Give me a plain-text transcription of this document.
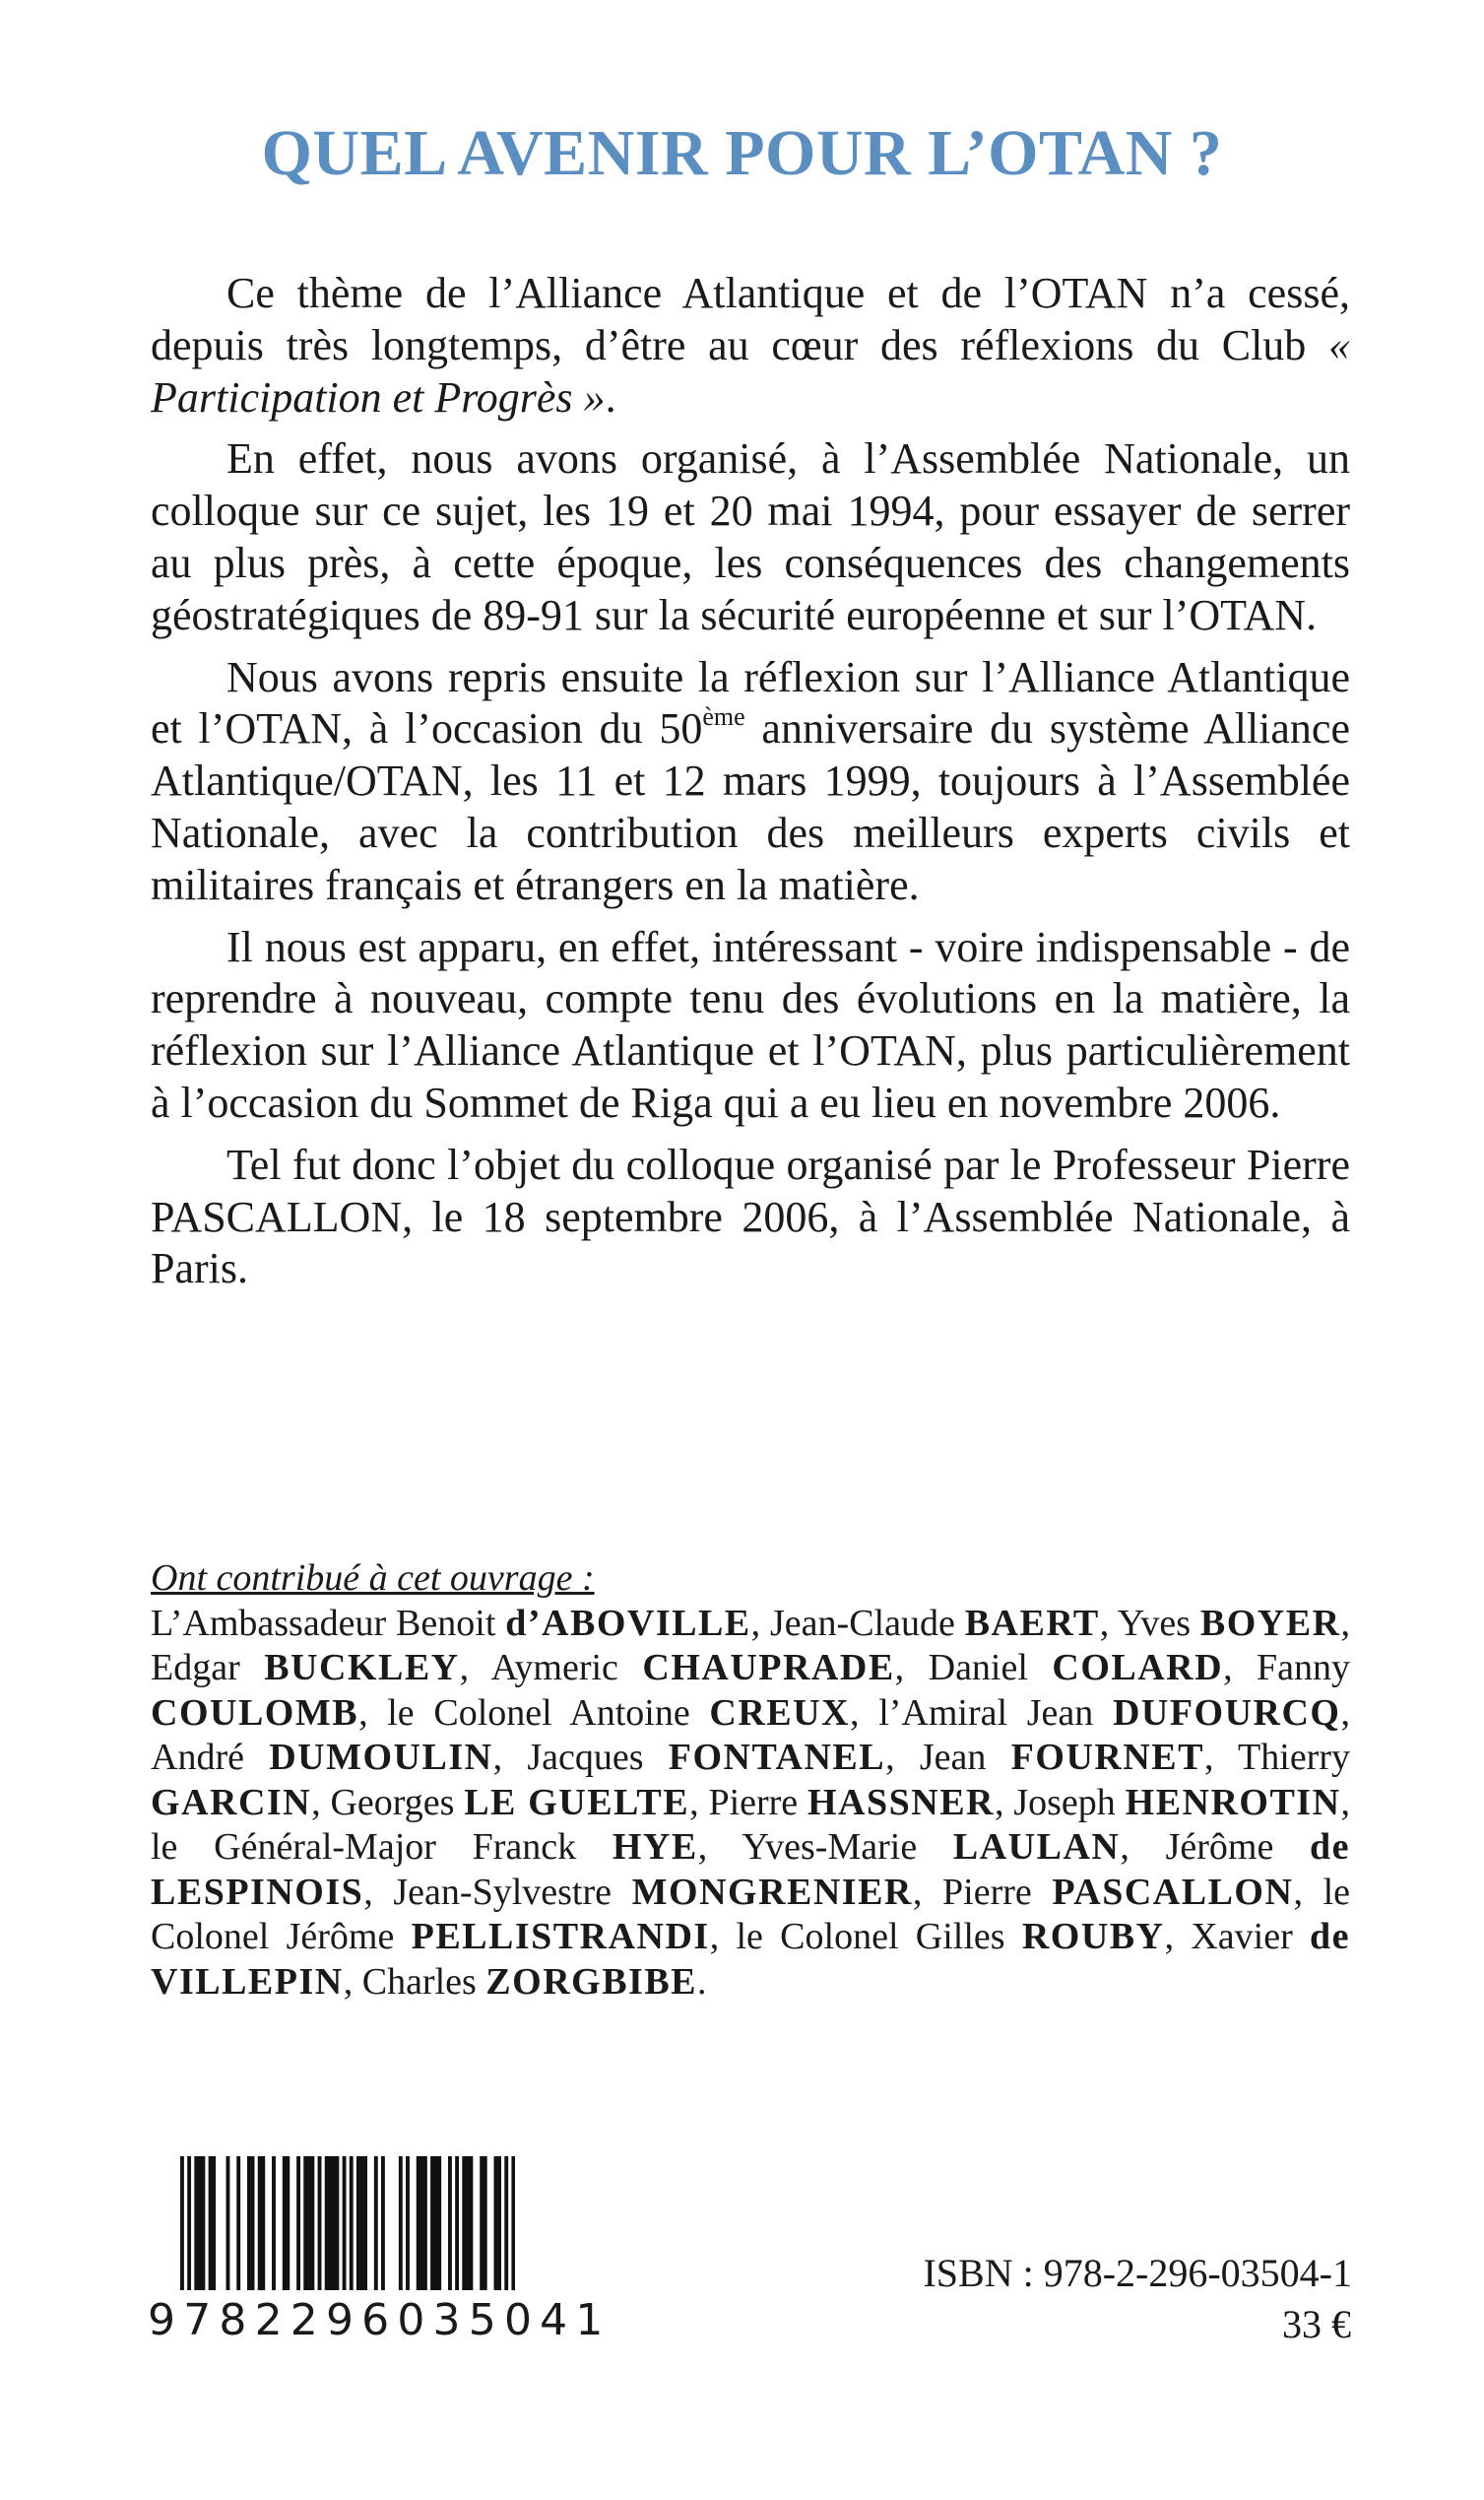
QUEL AVENIR POUR L’OTAN ?

Ce thème de l’Alliance Atlantique et de l’OTAN n’a cessé, depuis très longtemps, d’être au cœur des réflexions du Club « Participation et Progrès ».

En effet, nous avons organisé, à l’Assemblée Nationale, un colloque sur ce sujet, les 19 et 20 mai 1994, pour essayer de serrer au plus près, à cette époque, les conséquences des changements géostratégiques de 89-91 sur la sécurité européenne et sur l’OTAN.

Nous avons repris ensuite la réflexion sur l’Alliance Atlantique et l’OTAN, à l’occasion du 50ème anniversaire du système Alliance Atlantique/OTAN, les 11 et 12 mars 1999, toujours à l’Assemblée Nationale, avec la contribution des meilleurs experts civils et militaires français et étrangers en la matière.

Il nous est apparu, en effet, intéressant - voire indispensable - de reprendre à nouveau, compte tenu des évolutions en la matière, la réflexion sur l’Alliance Atlantique et l’OTAN, plus particulièrement à l’occasion du Sommet de Riga qui a eu lieu en novembre 2006.

Tel fut donc l’objet du colloque organisé par le Professeur Pierre PASCALLON, le 18 septembre 2006, à l’Assemblée Nationale, à Paris.

Ont contribué à cet ouvrage :

L’Ambassadeur Benoit d’ABOVILLE, Jean-Claude BAERT, Yves BOYER, Edgar BUCKLEY, Aymeric CHAUPRADE, Daniel COLARD, Fanny COULOMB, le Colonel Antoine CREUX, l’Amiral Jean DUFOURCQ, André DUMOULIN, Jacques FONTANEL, Jean FOURNET, Thierry GARCIN, Georges LE GUELTE, Pierre HASSNER, Joseph HENROTIN, le Général-Major Franck HYE, Yves-Marie LAULAN, Jérôme de LESPINOIS, Jean-Sylvestre MONGRENIER, Pierre PASCALLON, le Colonel Jérôme PELLISTRANDI, le Colonel Gilles ROUBY, Xavier de VILLEPIN, Charles ZORGBIBE.

9782296035041
ISBN : 978-2-296-03504-1
33 €
